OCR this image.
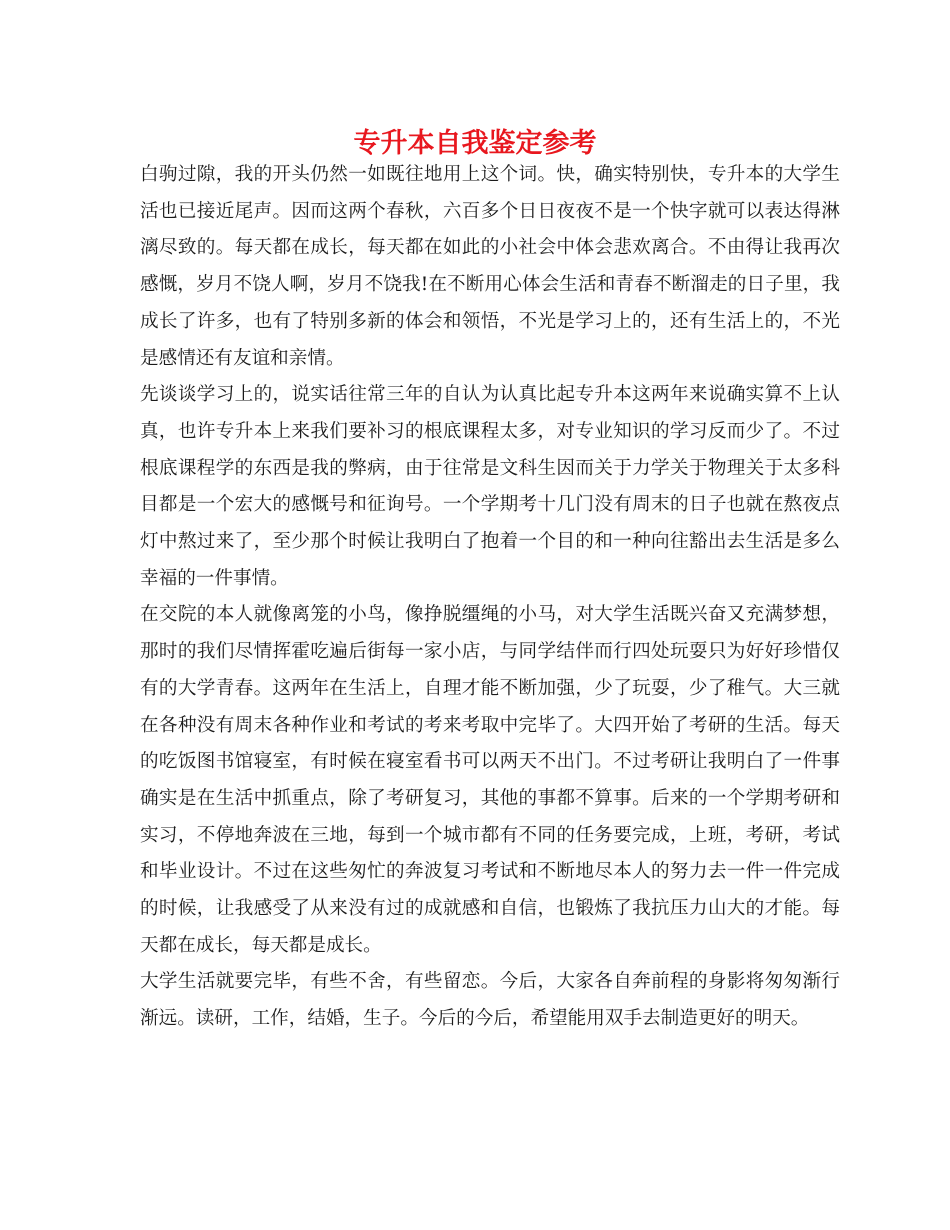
专升本自我鉴定参考

白驹过隙，我的开头仍然一如既往地用上这个词。快，确实特别快，专升本的大学生活也已接近尾声。因而这两个春秋，六百多个日日夜夜不是一个快字就可以表达得淋漓尽致的。每天都在成长，每天都在如此的小社会中体会悲欢离合。不由得让我再次感慨，岁月不饶人啊，岁月不饶我!在不断用心体会生活和青春不断溜走的日子里，我成长了许多，也有了特别多新的体会和领悟，不光是学习上的，还有生活上的，不光是感情还有友谊和亲情。

先谈谈学习上的，说实话往常三年的自认为认真比起专升本这两年来说确实算不上认真，也许专升本上来我们要补习的根底课程太多，对专业知识的学习反而少了。不过根底课程学的东西是我的弊病，由于往常是文科生因而关于力学关于物理关于太多科目都是一个宏大的感慨号和征询号。一个学期考十几门没有周末的日子也就在熬夜点灯中熬过来了，至少那个时候让我明白了抱着一个目的和一种向往豁出去生活是多么幸福的一件事情。

在交院的本人就像离笼的小鸟，像挣脱缰绳的小马，对大学生活既兴奋又充满梦想，那时的我们尽情挥霍吃遍后街每一家小店，与同学结伴而行四处玩耍只为好好珍惜仅有的大学青春。这两年在生活上，自理才能不断加强，少了玩耍，少了稚气。大三就在各种没有周末各种作业和考试的考来考取中完毕了。大四开始了考研的生活。每天的吃饭图书馆寝室，有时候在寝室看书可以两天不出门。不过考研让我明白了一件事确实是在生活中抓重点，除了考研复习，其他的事都不算事。后来的一个学期考研和实习，不停地奔波在三地，每到一个城市都有不同的任务要完成，上班，考研，考试和毕业设计。不过在这些匆忙的奔波复习考试和不断地尽本人的努力去一件一件完成的时候，让我感受了从来没有过的成就感和自信，也锻炼了我抗压力山大的才能。每天都在成长，每天都是成长。

大学生活就要完毕，有些不舍，有些留恋。今后，大家各自奔前程的身影将匆匆渐行渐远。读研，工作，结婚，生子。今后的今后，希望能用双手去制造更好的明天。
